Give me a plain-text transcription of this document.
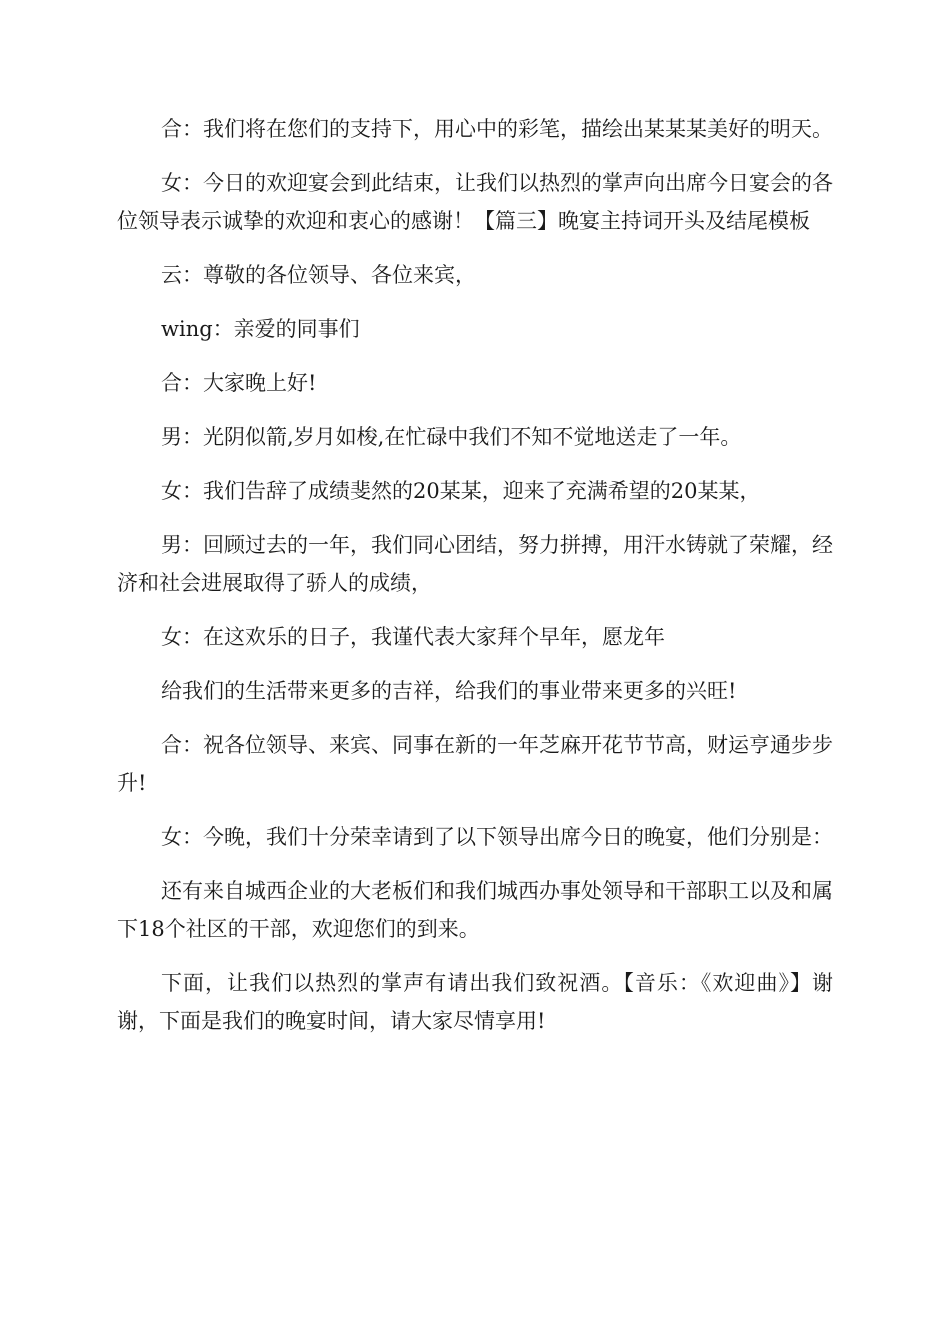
合：我们将在您们的支持下，用心中的彩笔，描绘出某某某美好的明天。

女：今日的欢迎宴会到此结束，让我们以热烈的掌声向出席今日宴会的各位领导表示诚挚的欢迎和衷心的感谢！【篇三】晚宴主持词开头及结尾模板

云：尊敬的各位领导、各位来宾，

wing：亲爱的同事们

合：大家晚上好!

男：光阴似箭,岁月如梭,在忙碌中我们不知不觉地送走了一年。

女：我们告辞了成绩斐然的20某某，迎来了充满希望的20某某，

男：回顾过去的一年，我们同心团结，努力拼搏，用汗水铸就了荣耀，经济和社会进展取得了骄人的成绩，

女：在这欢乐的日子，我谨代表大家拜个早年，愿龙年

给我们的生活带来更多的吉祥，给我们的事业带来更多的兴旺!

合：祝各位领导、来宾、同事在新的一年芝麻开花节节高，财运亨通步步升!

女：今晚，我们十分荣幸请到了以下领导出席今日的晚宴，他们分别是：

还有来自城西企业的大老板们和我们城西办事处领导和干部职工以及和属下18个社区的干部，欢迎您们的到来。

下面，让我们以热烈的掌声有请出我们致祝酒。【音乐：《欢迎曲》】谢谢，下面是我们的晚宴时间，请大家尽情享用!
